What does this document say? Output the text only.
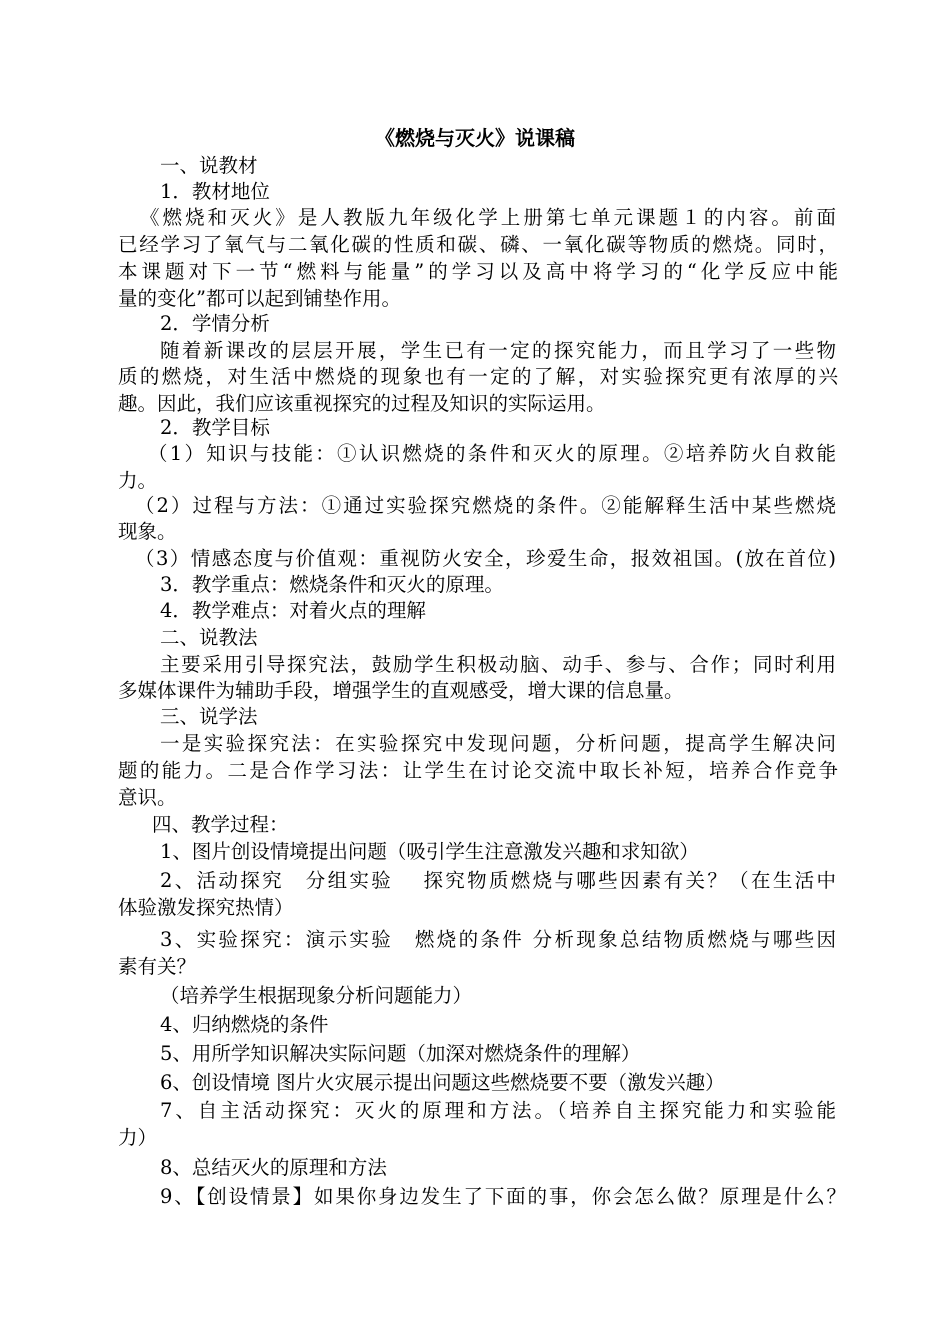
《燃烧与灭火》说课稿
一、说教材
1．教材地位
《燃烧和灭火》是人教版九年级化学上册第七单元课题１的内容。前面
已经学习了氧气与二氧化碳的性质和碳、磷、一氧化碳等物质的燃烧。同时，
本课题对下一节“燃料与能量”的学习以及高中将学习的“化学反应中能
量的变化”都可以起到铺垫作用。
2．学情分析
随着新课改的层层开展，学生已有一定的探究能力，而且学习了一些物
质的燃烧，对生活中燃烧的现象也有一定的了解，对实验探究更有浓厚的兴
趣。因此，我们应该重视探究的过程及知识的实际运用。
2．教学目标
（1）知识与技能：①认识燃烧的条件和灭火的原理。②培养防火自救能
力。
（2）过程与方法：①通过实验探究燃烧的条件。②能解释生活中某些燃烧
现象。
（3）情感态度与价值观：重视防火安全，珍爱生命，报效祖国。(放在首位)
3．教学重点：燃烧条件和灭火的原理。
4．教学难点：对着火点的理解
二、说教法
主要采用引导探究法，鼓励学生积极动脑、动手、参与、合作；同时利用
多媒体课件为辅助手段，增强学生的直观感受，增大课的信息量。
三、说学法
一是实验探究法：在实验探究中发现问题，分析问题，提高学生解决问
题的能力。二是合作学习法：让学生在讨论交流中取长补短，培养合作竞争
意识。
四、教学过程：
1、图片创设情境提出问题（吸引学生注意激发兴趣和求知欲）
2、活动探究　分组实验　 探究物质燃烧与哪些因素有关？（在生活中
体验激发探究热情）
3、实验探究：演示实验　燃烧的条件 分析现象总结物质燃烧与哪些因
素有关？
（培养学生根据现象分析问题能力）
4、归纳燃烧的条件
5、用所学知识解决实际问题（加深对燃烧条件的理解）
6、创设情境 图片火灾展示提出问题这些燃烧要不要（激发兴趣）
7、自主活动探究：灭火的原理和方法。（培养自主探究能力和实验能
力）
8、总结灭火的原理和方法
9、【创设情景】如果你身边发生了下面的事，你会怎么做？原理是什么？
